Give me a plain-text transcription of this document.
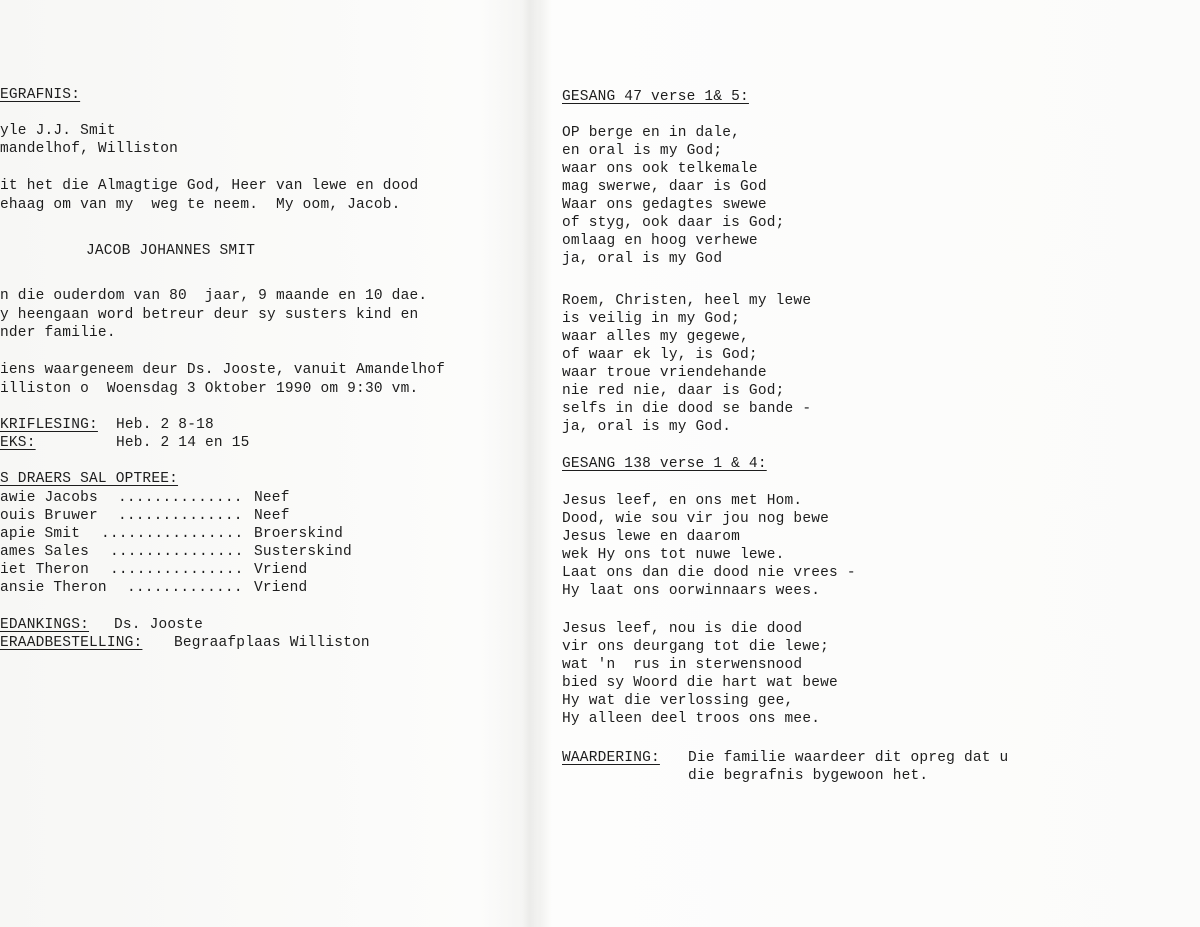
EGRAFNIS:
yle J.J. Smit
mandelhof, Williston
it het die Almagtige God, Heer van lewe en dood
ehaag om van my  weg te neem.  My oom, Jacob.
JACOB JOHANNES SMIT
n die ouderdom van 80  jaar, 9 maande en 10 dae.
y heengaan word betreur deur sy susters kind en
nder familie.
iens waargeneem deur Ds. Jooste, vanuit Amandelhof
illiston o  Woensdag 3 Oktober 1990 om 9:30 vm.
KRIFLESING: Heb. 2 8-18
EKS:	Heb. 2 14 en 15
S DRAERS SAL OPTREE:
awie Jacobs .............. Neef
ouis Bruwer .............. Neef
apie Smit ................ Broerskind
ames Sales ............... Susterskind
iet Theron ............... Vriend
ansie Theron ............. Vriend
EDANKINGS: Ds. Jooste
ERAADBESTELLING: Begraafplaas Williston
GESANG 47 verse 1& 5:
OP berge en in dale,
en oral is my God;
waar ons ook telkemale
mag swerwe, daar is God
Waar ons gedagtes swewe
of styg, ook daar is God;
omlaag en hoog verhewe
ja, oral is my God
Roem, Christen, heel my lewe
is veilig in my God;
waar alles my gegewe,
of waar ek ly, is God;
waar troue vriendehande
nie red nie, daar is God;
selfs in die dood se bande -
ja, oral is my God.
GESANG 138 verse 1 & 4:
Jesus leef, en ons met Hom.
Dood, wie sou vir jou nog bewe
Jesus lewe en daarom
wek Hy ons tot nuwe lewe.
Laat ons dan die dood nie vrees -
Hy laat ons oorwinnaars wees.
Jesus leef, nou is die dood
vir ons deurgang tot die lewe;
wat 'n  rus in sterwensnood
bied sy Woord die hart wat bewe
Hy wat die verlossing gee,
Hy alleen deel troos ons mee.
WAARDERING: Die familie waardeer dit opreg dat u
die begrafnis bygewoon het.
